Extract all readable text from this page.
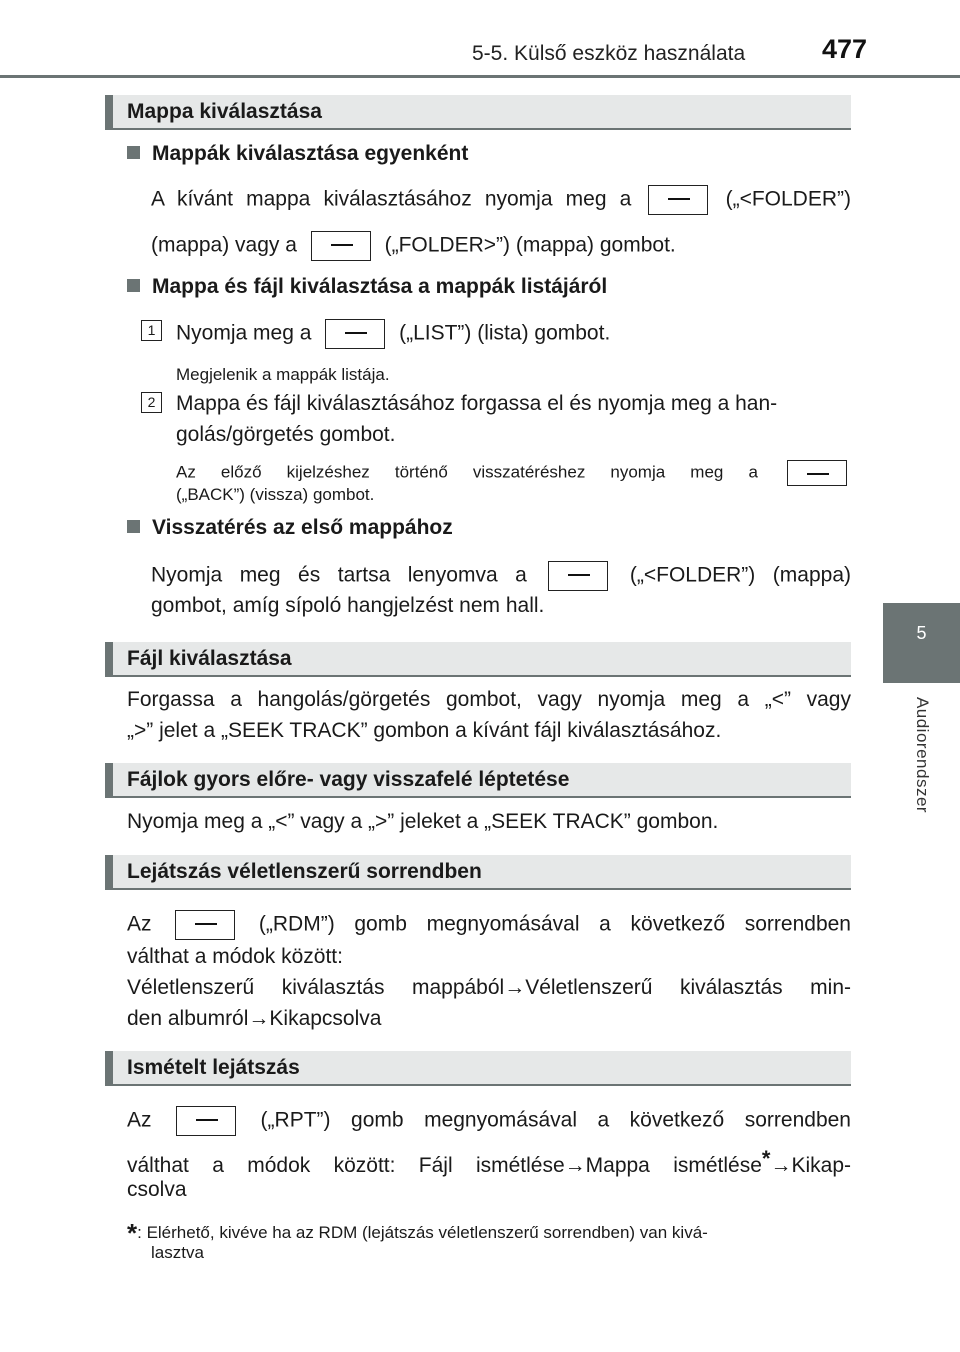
5-5. Külső eszköz használata	477
5
Audiorendszer
Mappa kiválasztása
Mappák kiválasztása egyenként
A kívánt mappa kiválasztásához nyomja meg a	(„<FOLDER”)
(mappa) vagy a	(„FOLDER>”) (mappa) gombot.
Mappa és fájl kiválasztása a mappák listájáról
1 Nyomja meg a	(„LIST”) (lista) gombot.
Megjelenik a mappák listája.
2 Mappa és fájl kiválasztásához forgassa el és nyomja meg a han-
golás/görgetés gombot.
Az előző kijelzéshez történő visszatéréshez nyomja meg a
(„BACK”) (vissza) gombot.
Visszatérés az első mappához
Nyomja meg és tartsa lenyomva a	(„<FOLDER”) (mappa)
gombot, amíg sípoló hangjelzést nem hall.
Fájl kiválasztása
Forgassa a hangolás/görgetés gombot, vagy nyomja meg a „<” vagy
„>” jelet a „SEEK TRACK” gombon a kívánt fájl kiválasztásához.
Fájlok gyors előre- vagy visszafelé léptetése
Nyomja meg a „<” vagy a „>” jeleket a „SEEK TRACK” gombon.
Lejátszás véletlenszerű sorrendben
Az	(„RDM”) gomb megnyomásával a következő sorrendben
válthat a módok között:
Véletlenszerű kiválasztás mappából→Véletlenszerű kiválasztás min-
den albumról→Kikapcsolva
Ismételt lejátszás
Az	(„RPT”) gomb megnyomásával a következő sorrendben
válthat a módok között: Fájl ismétlése→Mappa ismétlése*→Kikap-
csolva
*: Elérhető, kivéve ha az RDM (lejátszás véletlenszerű sorrendben) van kivá-
lasztva
